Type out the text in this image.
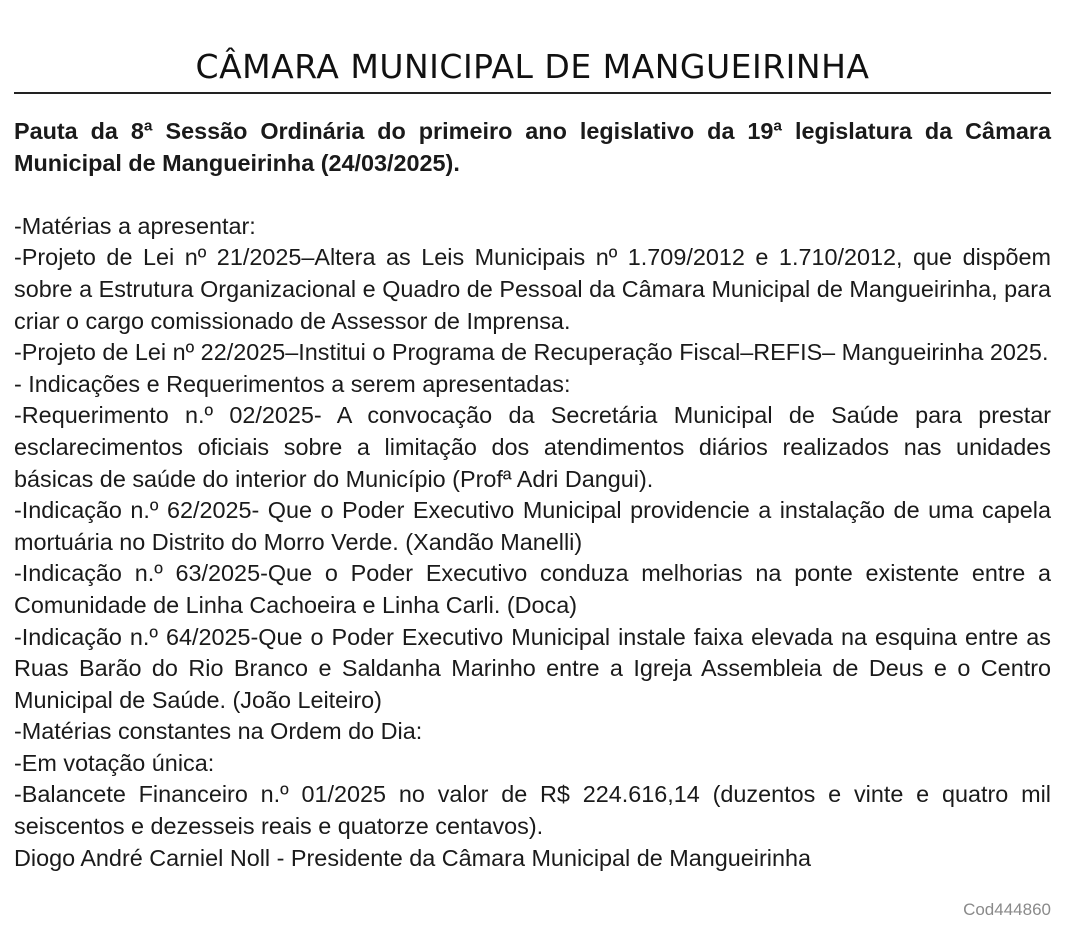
CÂMARA MUNICIPAL DE MANGUEIRINHA

Pauta da 8ª Sessão Ordinária do primeiro ano legislativo da 19ª legislatura da Câmara Municipal de Mangueirinha (24/03/2025).

-Matérias a apresentar:

-Projeto de Lei nº 21/2025–Altera as Leis Municipais nº 1.709/2012 e 1.710/2012, que dispõem sobre a Estrutura Organizacional e Quadro de Pessoal da Câmara Municipal de Mangueirinha, para criar o cargo comissionado de Assessor de Imprensa.

-Projeto de Lei nº 22/2025–Institui o Programa de Recuperação Fiscal–REFIS– Mangueirinha 2025.

- Indicações e Requerimentos a serem apresentadas:

-Requerimento n.º 02/2025- A convocação da Secretária Municipal de Saúde para prestar esclarecimentos oficiais sobre a limitação dos atendimentos diários realizados nas unidades básicas de saúde do interior do Município (Profª Adri Dangui).

-Indicação n.º 62/2025- Que o Poder Executivo Municipal providencie a instalação de uma capela mortuária no Distrito do Morro Verde. (Xandão Manelli)

-Indicação n.º 63/2025-Que o Poder Executivo conduza melhorias na ponte existente entre a Comunidade de Linha Cachoeira e Linha Carli. (Doca)

-Indicação n.º 64/2025-Que o Poder Executivo Municipal instale faixa elevada na esquina entre as Ruas Barão do Rio Branco e Saldanha Marinho entre a Igreja Assembleia de Deus e o Centro Municipal de Saúde. (João Leiteiro)

-Matérias constantes na Ordem do Dia:

-Em votação única:

-Balancete Financeiro n.º 01/2025 no valor de R$ 224.616,14 (duzentos e vinte e quatro mil seiscentos e dezesseis reais e quatorze centavos).

Diogo André Carniel Noll - Presidente da Câmara Municipal de Mangueirinha

Cod444860
